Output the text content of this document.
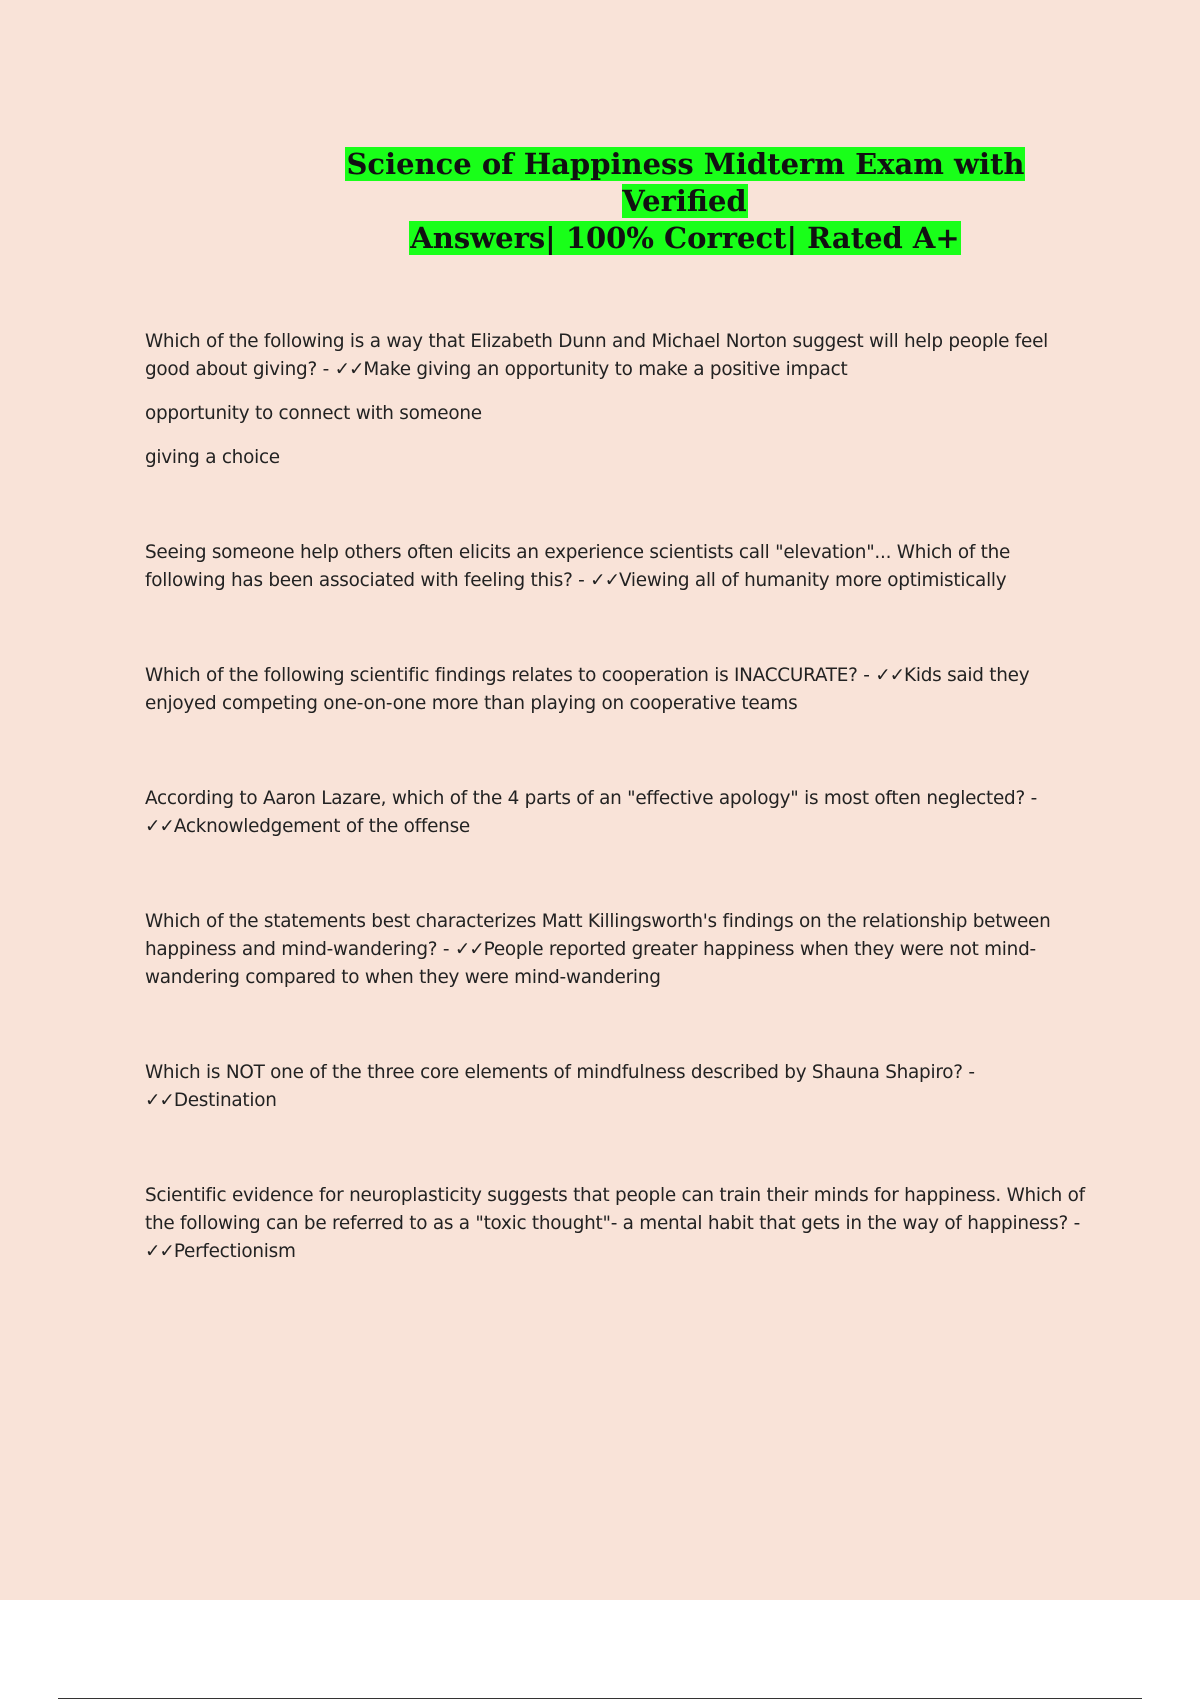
Science of Happiness Midterm Exam with Verified
Answers| 100% Correct| Rated A+

Which of the following is a way that Elizabeth Dunn and Michael Norton suggest will help people feel good about giving? - ✓✓Make giving an opportunity to make a positive impact

opportunity to connect with someone

giving a choice

Seeing someone help others often elicits an experience scientists call "elevation"... Which of the following has been associated with feeling this? - ✓✓Viewing all of humanity more optimistically

Which of the following scientific findings relates to cooperation is INACCURATE? - ✓✓Kids said they enjoyed competing one-on-one more than playing on cooperative teams

According to Aaron Lazare, which of the 4 parts of an "effective apology" is most often neglected? - ✓✓Acknowledgement of the offense

Which of the statements best characterizes Matt Killingsworth's findings on the relationship between happiness and mind-wandering? - ✓✓People reported greater happiness when they were not mind-wandering compared to when they were mind-wandering

Which is NOT one of the three core elements of mindfulness described by Shauna Shapiro? - ✓✓Destination

Scientific evidence for neuroplasticity suggests that people can train their minds for happiness. Which of the following can be referred to as a "toxic thought"- a mental habit that gets in the way of happiness? - ✓✓Perfectionism
